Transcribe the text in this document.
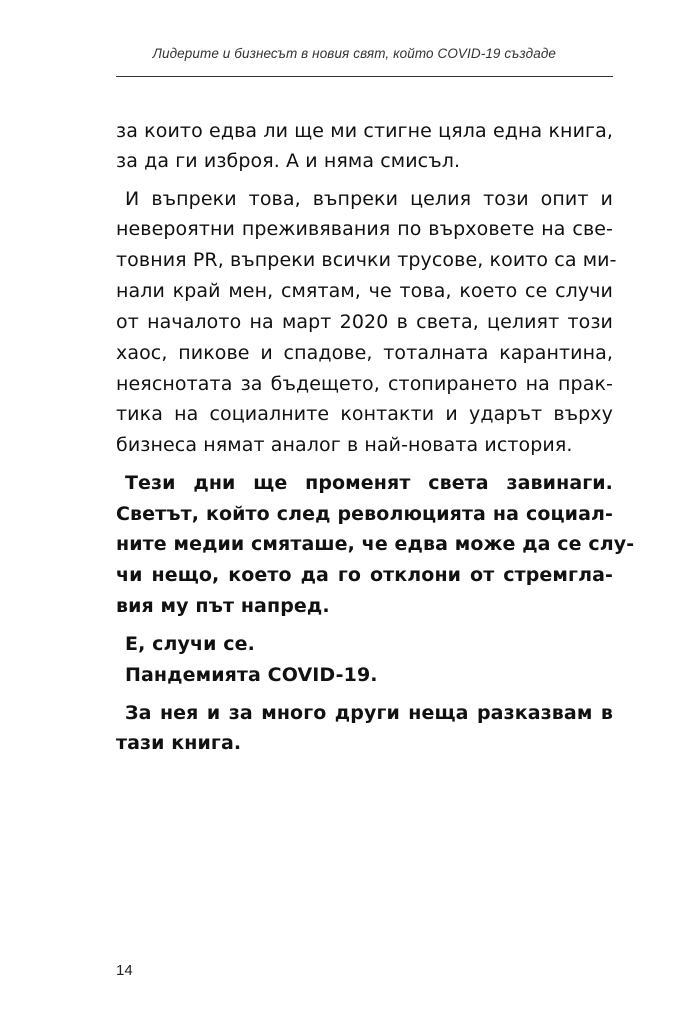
Лидерите и бизнесът в новия свят, който COVID-19 създаде
за които едва ли ще ми стигне цяла една книга,
за да ги изброя. А и няма смисъл.
И въпреки това, въпреки целия този опит и
невероятни преживявания по върховете на све-
товния PR, въпреки всички трусове, които са ми-
нали край мен, смятам, че това, което се случи
от началото на март 2020 в света, целият този
хаос, пикове и спадове, тоталната карантина,
неяснотата за бъдещето, стопирането на прак-
тика на социалните контакти и ударът върху
бизнеса нямат аналог в най-новата история.
Тези дни ще променят света завинаги.
Светът, който след революцията на социал-
ните медии смяташе, че едва може да се слу-
чи нещо, което да го отклони от стремгла-
вия му път напред.
Е, случи се.
Пандемията COVID-19.
За нея и за много други неща разказвам в
тази книга.
14
